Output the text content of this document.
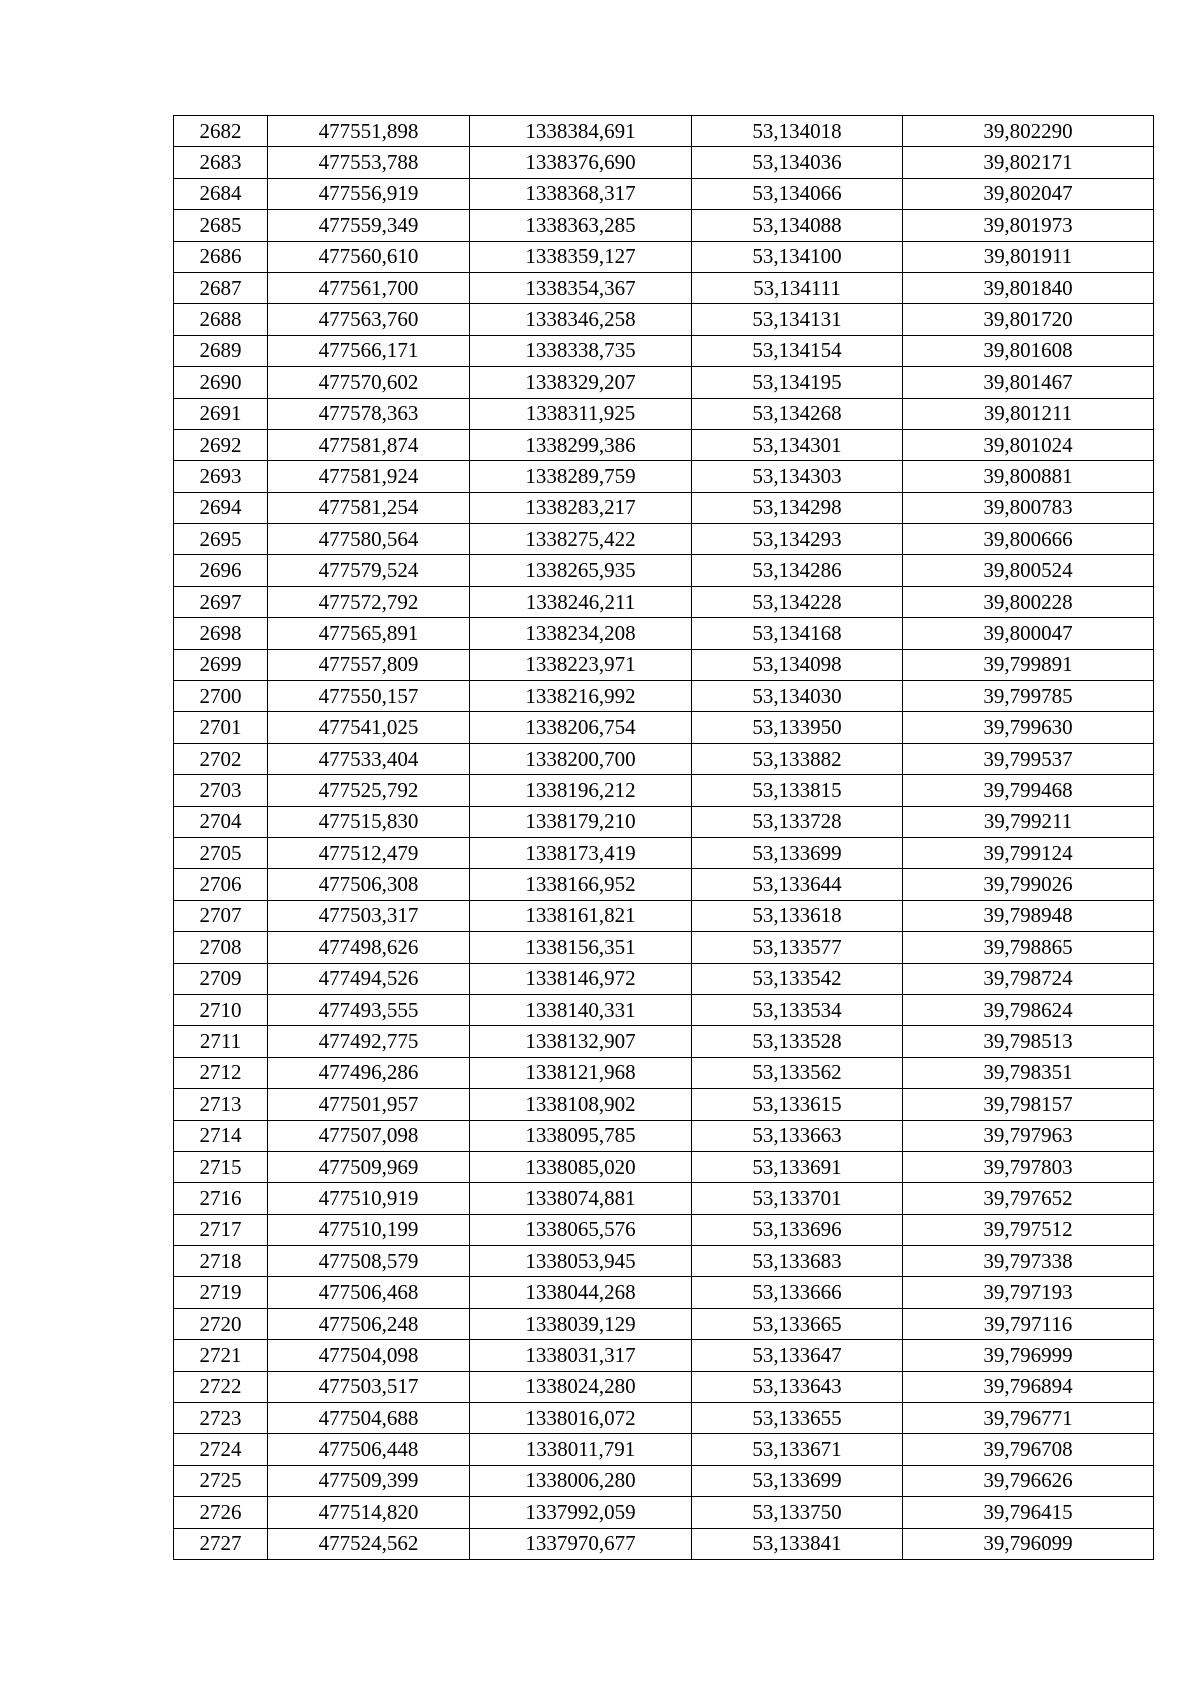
2682	477551,898	1338384,691	53,134018	39,802290
2683	477553,788	1338376,690	53,134036	39,802171
2684	477556,919	1338368,317	53,134066	39,802047
2685	477559,349	1338363,285	53,134088	39,801973
2686	477560,610	1338359,127	53,134100	39,801911
2687	477561,700	1338354,367	53,134111	39,801840
2688	477563,760	1338346,258	53,134131	39,801720
2689	477566,171	1338338,735	53,134154	39,801608
2690	477570,602	1338329,207	53,134195	39,801467
2691	477578,363	1338311,925	53,134268	39,801211
2692	477581,874	1338299,386	53,134301	39,801024
2693	477581,924	1338289,759	53,134303	39,800881
2694	477581,254	1338283,217	53,134298	39,800783
2695	477580,564	1338275,422	53,134293	39,800666
2696	477579,524	1338265,935	53,134286	39,800524
2697	477572,792	1338246,211	53,134228	39,800228
2698	477565,891	1338234,208	53,134168	39,800047
2699	477557,809	1338223,971	53,134098	39,799891
2700	477550,157	1338216,992	53,134030	39,799785
2701	477541,025	1338206,754	53,133950	39,799630
2702	477533,404	1338200,700	53,133882	39,799537
2703	477525,792	1338196,212	53,133815	39,799468
2704	477515,830	1338179,210	53,133728	39,799211
2705	477512,479	1338173,419	53,133699	39,799124
2706	477506,308	1338166,952	53,133644	39,799026
2707	477503,317	1338161,821	53,133618	39,798948
2708	477498,626	1338156,351	53,133577	39,798865
2709	477494,526	1338146,972	53,133542	39,798724
2710	477493,555	1338140,331	53,133534	39,798624
2711	477492,775	1338132,907	53,133528	39,798513
2712	477496,286	1338121,968	53,133562	39,798351
2713	477501,957	1338108,902	53,133615	39,798157
2714	477507,098	1338095,785	53,133663	39,797963
2715	477509,969	1338085,020	53,133691	39,797803
2716	477510,919	1338074,881	53,133701	39,797652
2717	477510,199	1338065,576	53,133696	39,797512
2718	477508,579	1338053,945	53,133683	39,797338
2719	477506,468	1338044,268	53,133666	39,797193
2720	477506,248	1338039,129	53,133665	39,797116
2721	477504,098	1338031,317	53,133647	39,796999
2722	477503,517	1338024,280	53,133643	39,796894
2723	477504,688	1338016,072	53,133655	39,796771
2724	477506,448	1338011,791	53,133671	39,796708
2725	477509,399	1338006,280	53,133699	39,796626
2726	477514,820	1337992,059	53,133750	39,796415
2727	477524,562	1337970,677	53,133841	39,796099
